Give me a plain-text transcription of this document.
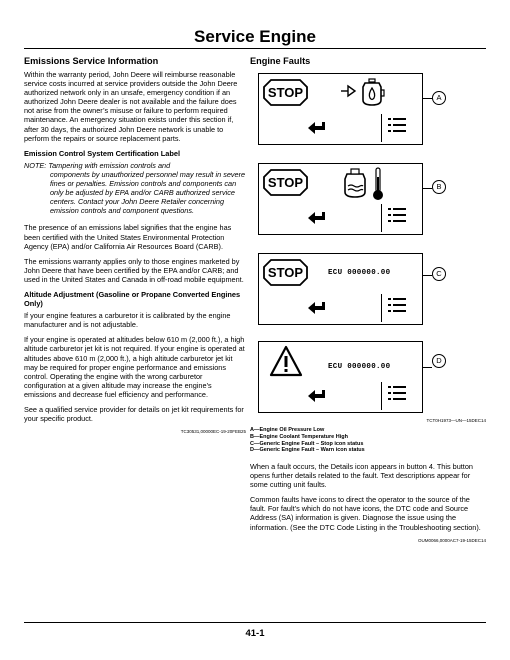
Service Engine
Emissions Service Information

Within the warranty period, John Deere will reimburse reasonable service costs incurred at service providers outside the John Deere authorized network only in an unsafe, emergency condition if an authorized John Deere dealer is not available and the failure does not arise from the owner’s misuse or failure to perform required maintenance. An emergency situation exists under this section if, after 30 days, the authorized John Deere network is unable to perform the repairs or source replacement parts.

Emission Control System Certification Label
NOTE: Tampering with emission controls and
components by unauthorized personnel may result in severe fines or penalties. Emission controls and components can only be adjusted by EPA and/or CARB authorized service centers. Contact your John Deere Retailer concerning emission controls and component questions.

The presence of an emissions label signifies that the engine has been certified with the United States Environmental Protection Agency (EPA) and/or California Air Resources Board (CARB).

The emissions warranty applies only to those engines marketed by John Deere that have been certified by the EPA and/or CARB; and used in the United States and Canada in off-road mobile equipment.

Altitude Adjustment (Gasoline or Propane Converted Engines Only)

If your engine features a carburetor it is calibrated by the engine manufacturer and is not adjustable.

If your engine is operated at altitudes below 610 m (2,000 ft.), a high altitude carburetor jet kit is not required. If your engine is operated at altitudes above 610 m (2,000 ft.), a high altitude carburetor jet kit may be required for proper engine performance and emissions control. Operating the engine with the wrong carburetor configuration at a given altitude may increase the engine’s emissions and decrease fuel efficiency and performance.

See a qualified service provider for details on jet kit requirements for your specific product.

TC30531,00000EC-19-20FEB25
Engine Faults
STOP	A
STOP	B
STOP	ECU 000000.00	C
ECU 000000.00
D
TCT0H1973—UN—15DEC14
A—Engine Oil Pressure Low
B—Engine Coolant Temperature High
C—Generic Engine Fault – Stop icon status
D—Generic Engine Fault – Warn icon status

When a fault occurs, the Details icon appears in button 4. This button opens further details related to the fault. Text descriptions appear for some cutting unit faults.

Common faults have icons to direct the operator to the source of the fault. For fault’s which do not have icons, the DTC code and Source Address (SA) information is given. Diagnose the issue using the information. (See the DTC Code Listing in the Troubleshooting section).

OUM0066,0000AC7-19-15DEC14
41-1
